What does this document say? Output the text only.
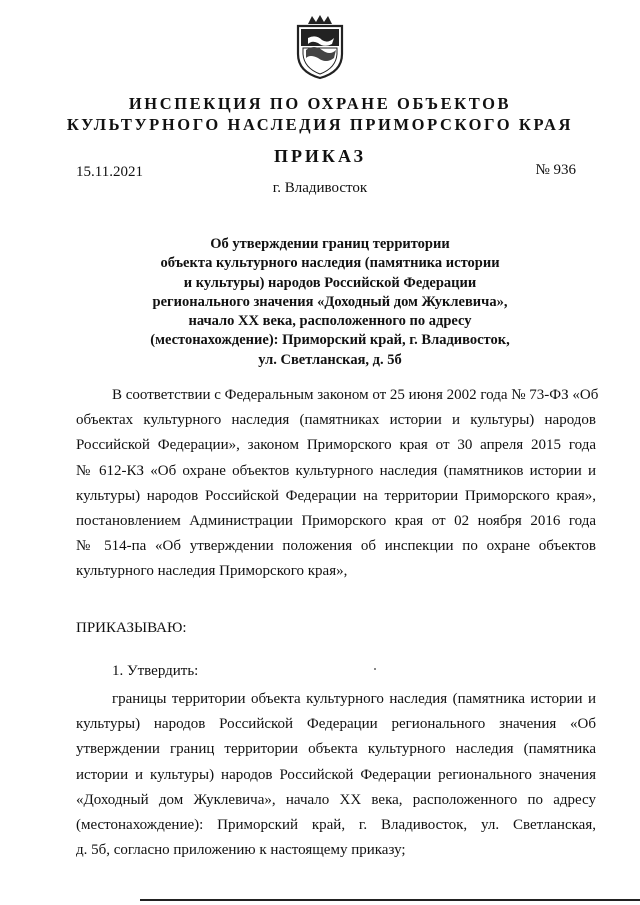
ИНСПЕКЦИЯ ПО ОХРАНЕ ОБЪЕКТОВ
КУЛЬТУРНОГО НАСЛЕДИЯ ПРИМОРСКОГО КРАЯ
ПРИКАЗ
15.11.2021	№ 936
г. Владивосток
Об утверждении границ территории
объекта культурного наследия (памятника истории
и культуры) народов Российской Федерации
регионального значения «Доходный дом Жуклевича»,
начало XX века, расположенного по адресу
(местонахождение): Приморский край, г. Владивосток,
ул. Светланская, д. 5б
В соответствии с Федеральным законом от 25 июня 2002 года № 73-ФЗ «Об
объектах культурного наследия (памятниках истории и культуры) народов
Российской Федерации», законом Приморского края от 30 апреля 2015 года
№ 612-КЗ «Об охране объектов культурного наследия (памятников истории и
культуры) народов Российской Федерации на территории Приморского края»,
постановлением Администрации Приморского края от 02 ноября 2016 года
№ 514-па «Об утверждении положения об инспекции по охране объектов
культурного наследия Приморского края»,
ПРИКАЗЫВАЮ:
1. Утвердить:
границы территории объекта культурного наследия (памятника истории и
культуры) народов Российской Федерации регионального значения «Об
утверждении границ территории объекта культурного наследия (памятника
истории и культуры) народов Российской Федерации регионального значения
«Доходный дом Жуклевича», начало XX века, расположенного по адресу
(местонахождение): Приморский край, г. Владивосток, ул. Светланская,
д. 5б, согласно приложению к настоящему приказу;
